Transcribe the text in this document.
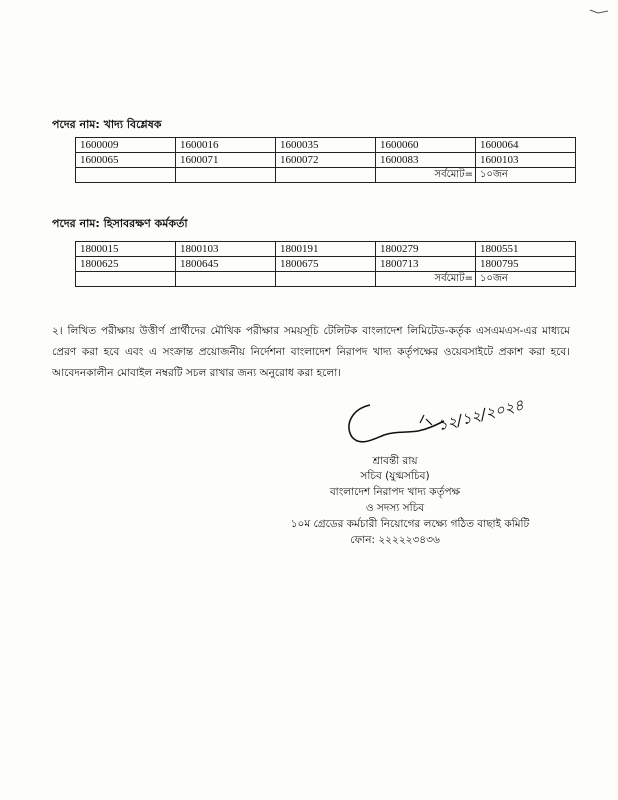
পদের নাম: খাদ্য বিশ্লেষক
1600009	1600016	1600035	1600060	1600064
1600065	1600071	1600072	1600083	1600103
			সর্বমোট=	১০জন
পদের নাম: হিসাবরক্ষণ কর্মকর্তা
1800015	1800103	1800191	1800279	1800551
1800625	1800645	1800675	1800713	1800795
			সর্বমোট=	১০জন
২। লিখিত পরীক্ষায় উত্তীর্ণ প্রার্থীদের মৌখিক পরীক্ষার সময়সূচি টেলিটক বাংলাদেশ লিমিটেড-কর্তৃক এসএমএস-এর মাধ্যমে প্রেরণ করা হবে এবং এ সংক্রান্ত প্রয়োজনীয় নির্দেশনা বাংলাদেশ নিরাপদ খাদ্য কর্তৃপক্ষের ওয়েবসাইটে প্রকাশ করা হবে। আবেদনকালীন মোবাইল নম্বরটি সচল রাখার জন্য অনুরোধ করা হলো।
১২/১২/২০২৪
শ্রাবন্তী রায়
সচিব (যুগ্মসচিব)
বাংলাদেশ নিরাপদ খাদ্য কর্তৃপক্ষ
ও সদস্য সচিব
১০ম গ্রেডের কর্মচারী নিয়োগের লক্ষ্যে গঠিত বাছাই কমিটি
ফোন: ২২২২২৩৪৩৬
